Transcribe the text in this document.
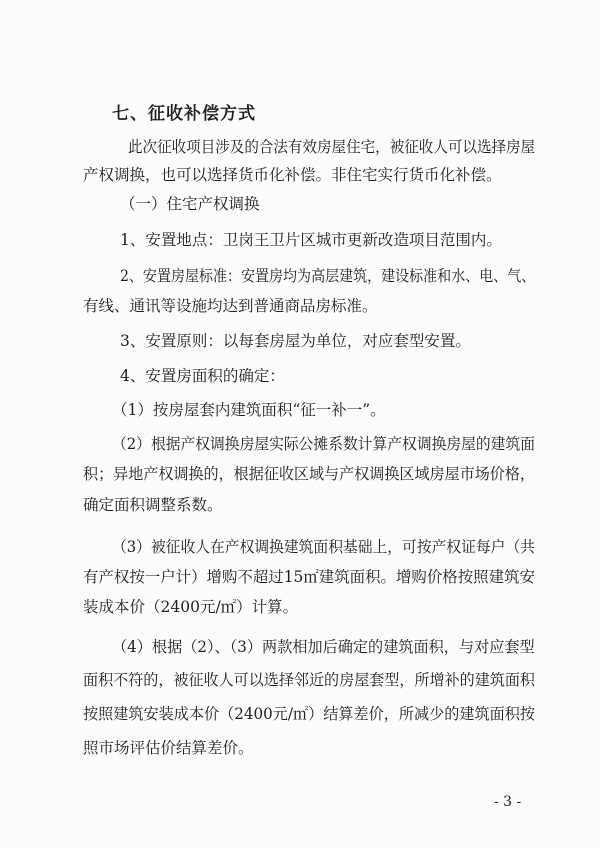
七、征收补偿方式
此次征收项目涉及的合法有效房屋住宅，被征收人可以选择房屋
产权调换，也可以选择货币化补偿。非住宅实行货币化补偿。
（一）住宅产权调换
1、安置地点：卫岗王卫片区城市更新改造项目范围内。
2、安置房屋标准：安置房均为高层建筑，建设标准和水、电、气、
有线、通讯等设施均达到普通商品房标准。
3、安置原则：以每套房屋为单位，对应套型安置。
4、安置房面积的确定：
（1）按房屋套内建筑面积“征一补一”。
（2）根据产权调换房屋实际公摊系数计算产权调换房屋的建筑面
积；异地产权调换的，根据征收区域与产权调换区域房屋市场价格，
确定面积调整系数。
（3）被征收人在产权调换建筑面积基础上，可按产权证每户（共
有产权按一户计）增购不超过15㎡建筑面积。增购价格按照建筑安
装成本价（2400元/㎡）计算。
（4）根据（2）、（3）两款相加后确定的建筑面积，与对应套型
面积不符的，被征收人可以选择邻近的房屋套型，所增补的建筑面积
按照建筑安装成本价（2400元/㎡）结算差价，所减少的建筑面积按
照市场评估价结算差价。
- 3 -
